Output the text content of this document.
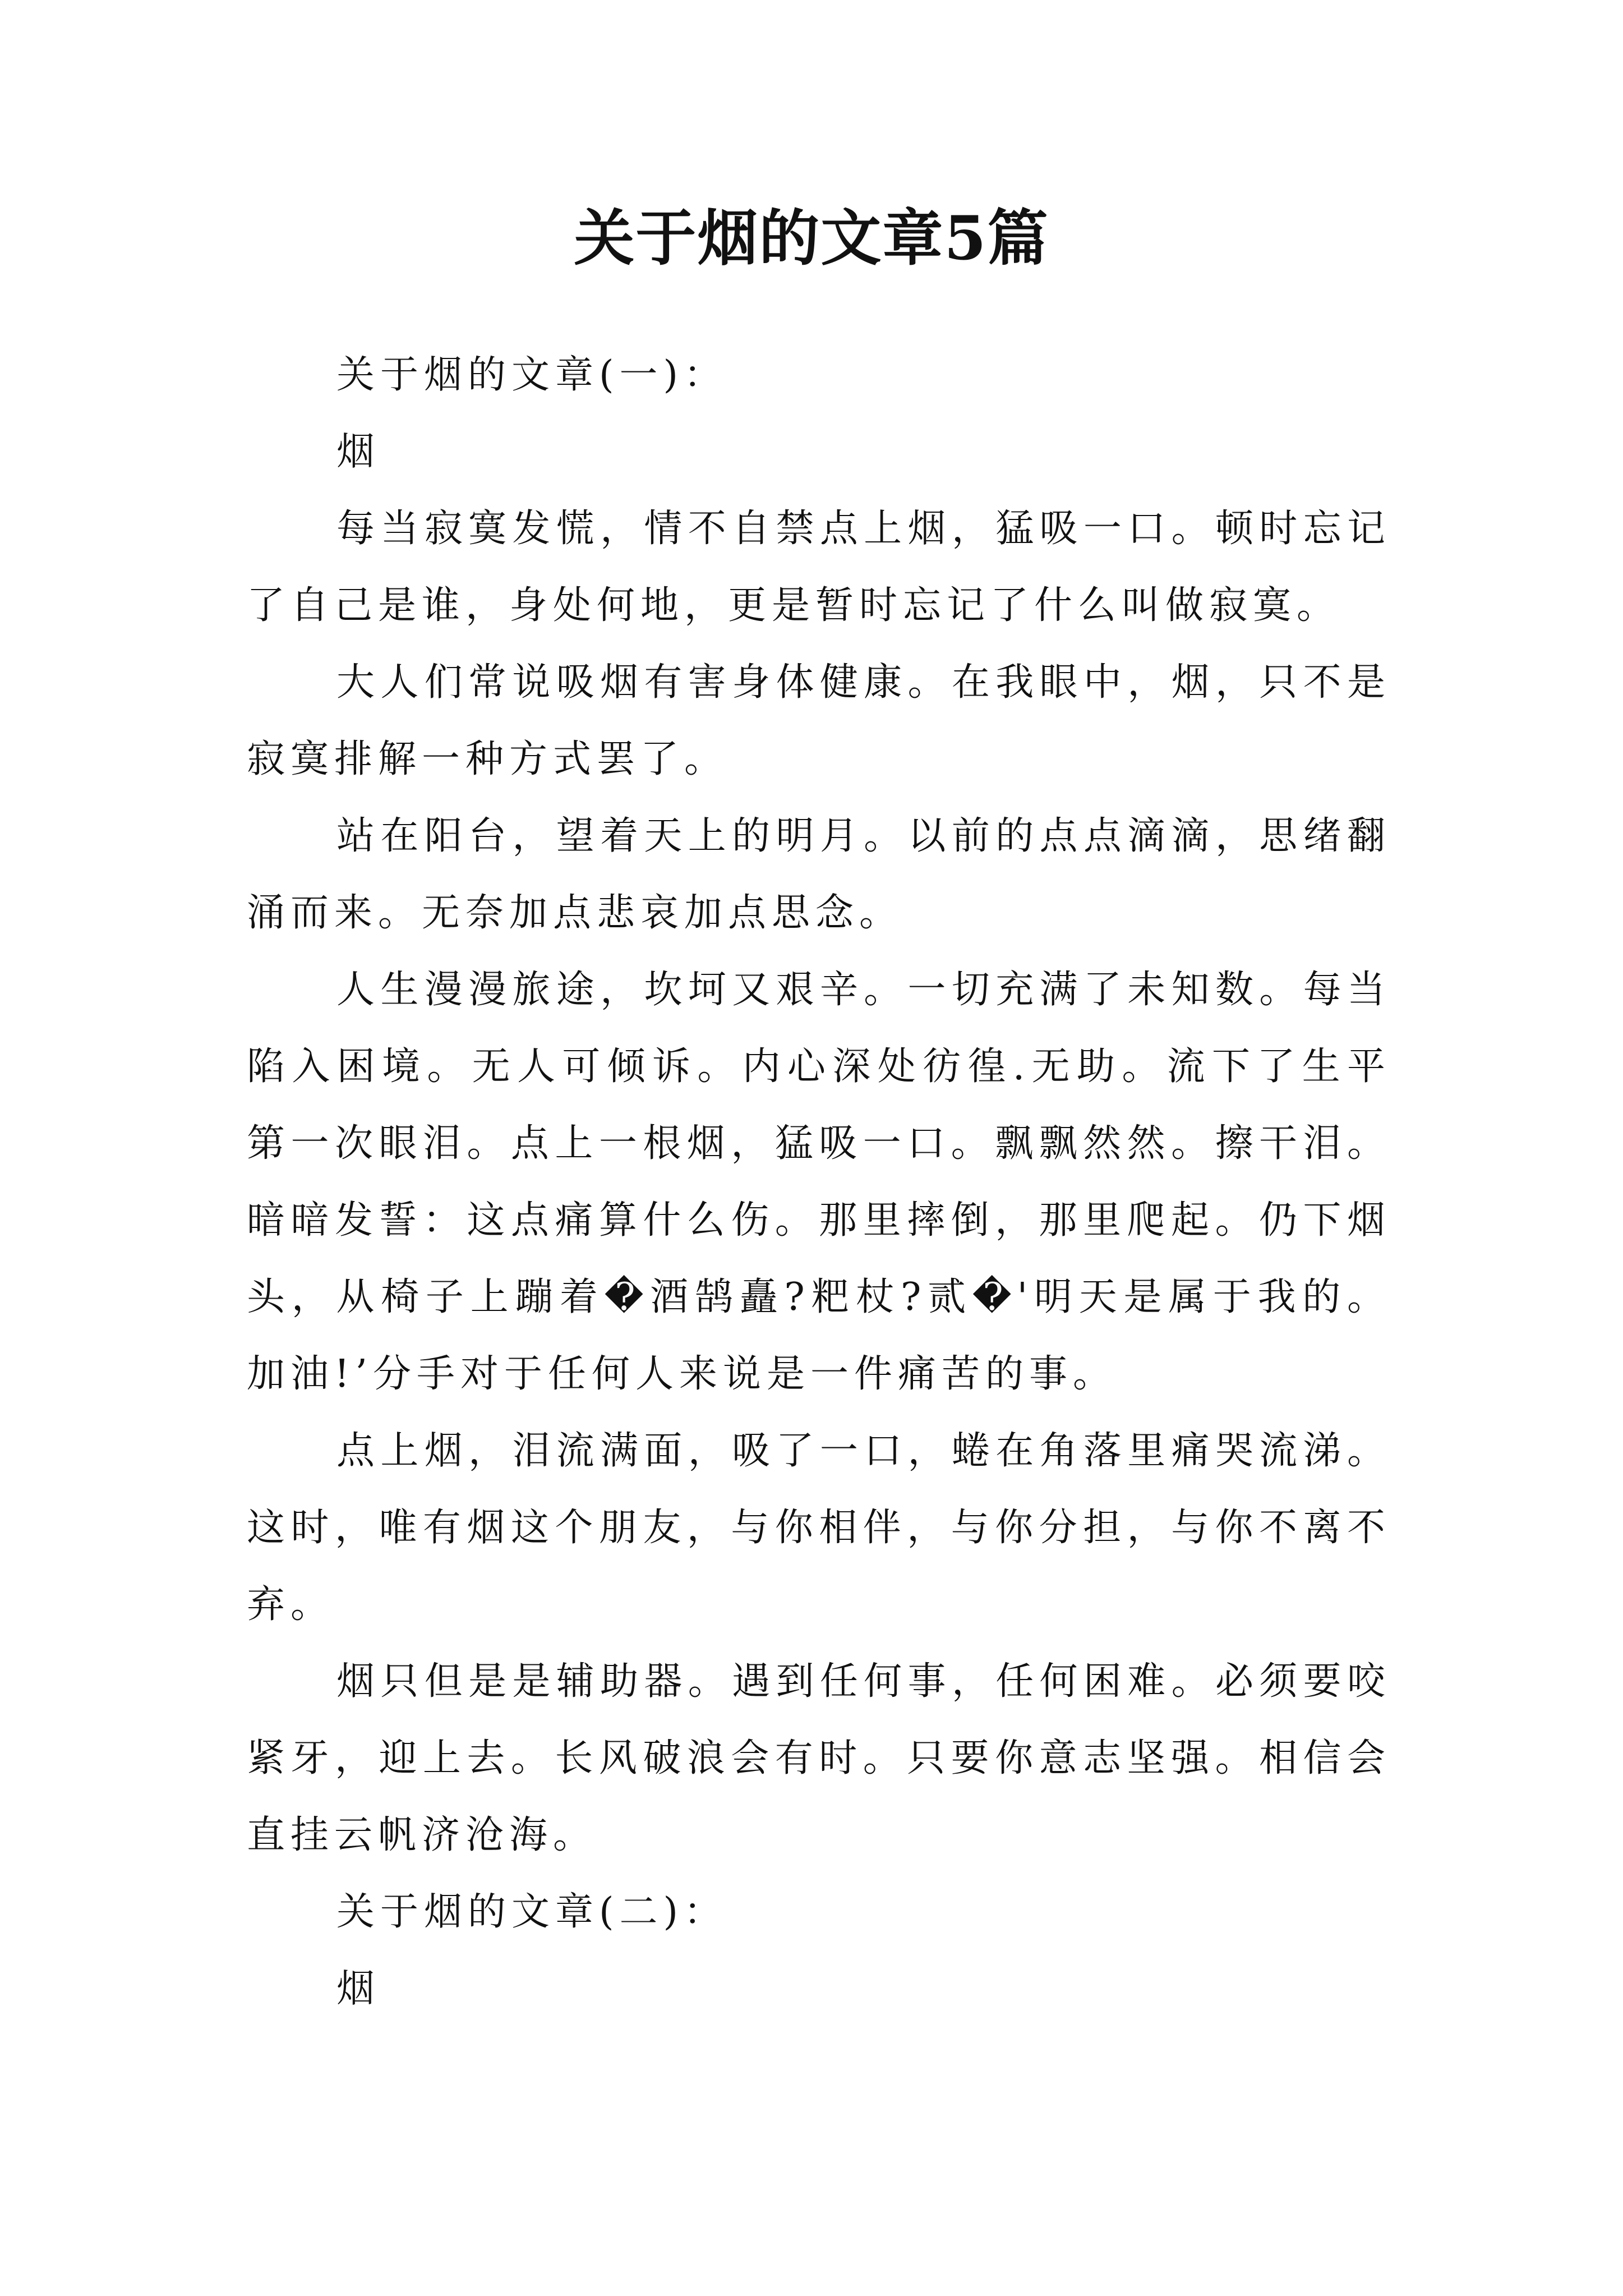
关于烟的文章5篇

关于烟的文章(一)：

烟

每当寂寞发慌，情不自禁点上烟，猛吸一口。顿时忘记了自己是谁，身处何地，更是暂时忘记了什么叫做寂寞。

大人们常说吸烟有害身体健康。在我眼中，烟，只不是寂寞排解一种方式罢了。

站在阳台，望着天上的明月。以前的点点滴滴，思绪翻涌而来。无奈加点悲哀加点思念。

人生漫漫旅途，坎坷又艰辛。一切充满了未知数。每当陷入困境。无人可倾诉。内心深处彷徨.无助。流下了生平第一次眼泪。点上一根烟，猛吸一口。飘飘然然。擦干泪。暗暗发誓：这点痛算什么伤。那里摔倒，那里爬起。仍下烟头，从椅子上蹦着�酒鹄矗?粑杖?贰�'明天是属于我的。加油!’分手对于任何人来说是一件痛苦的事。

点上烟，泪流满面，吸了一口，蜷在角落里痛哭流涕。这时，唯有烟这个朋友，与你相伴，与你分担，与你不离不弃。

烟只但是是辅助器。遇到任何事，任何困难。必须要咬紧牙，迎上去。长风破浪会有时。只要你意志坚强。相信会直挂云帆济沧海。

关于烟的文章(二)：

烟
